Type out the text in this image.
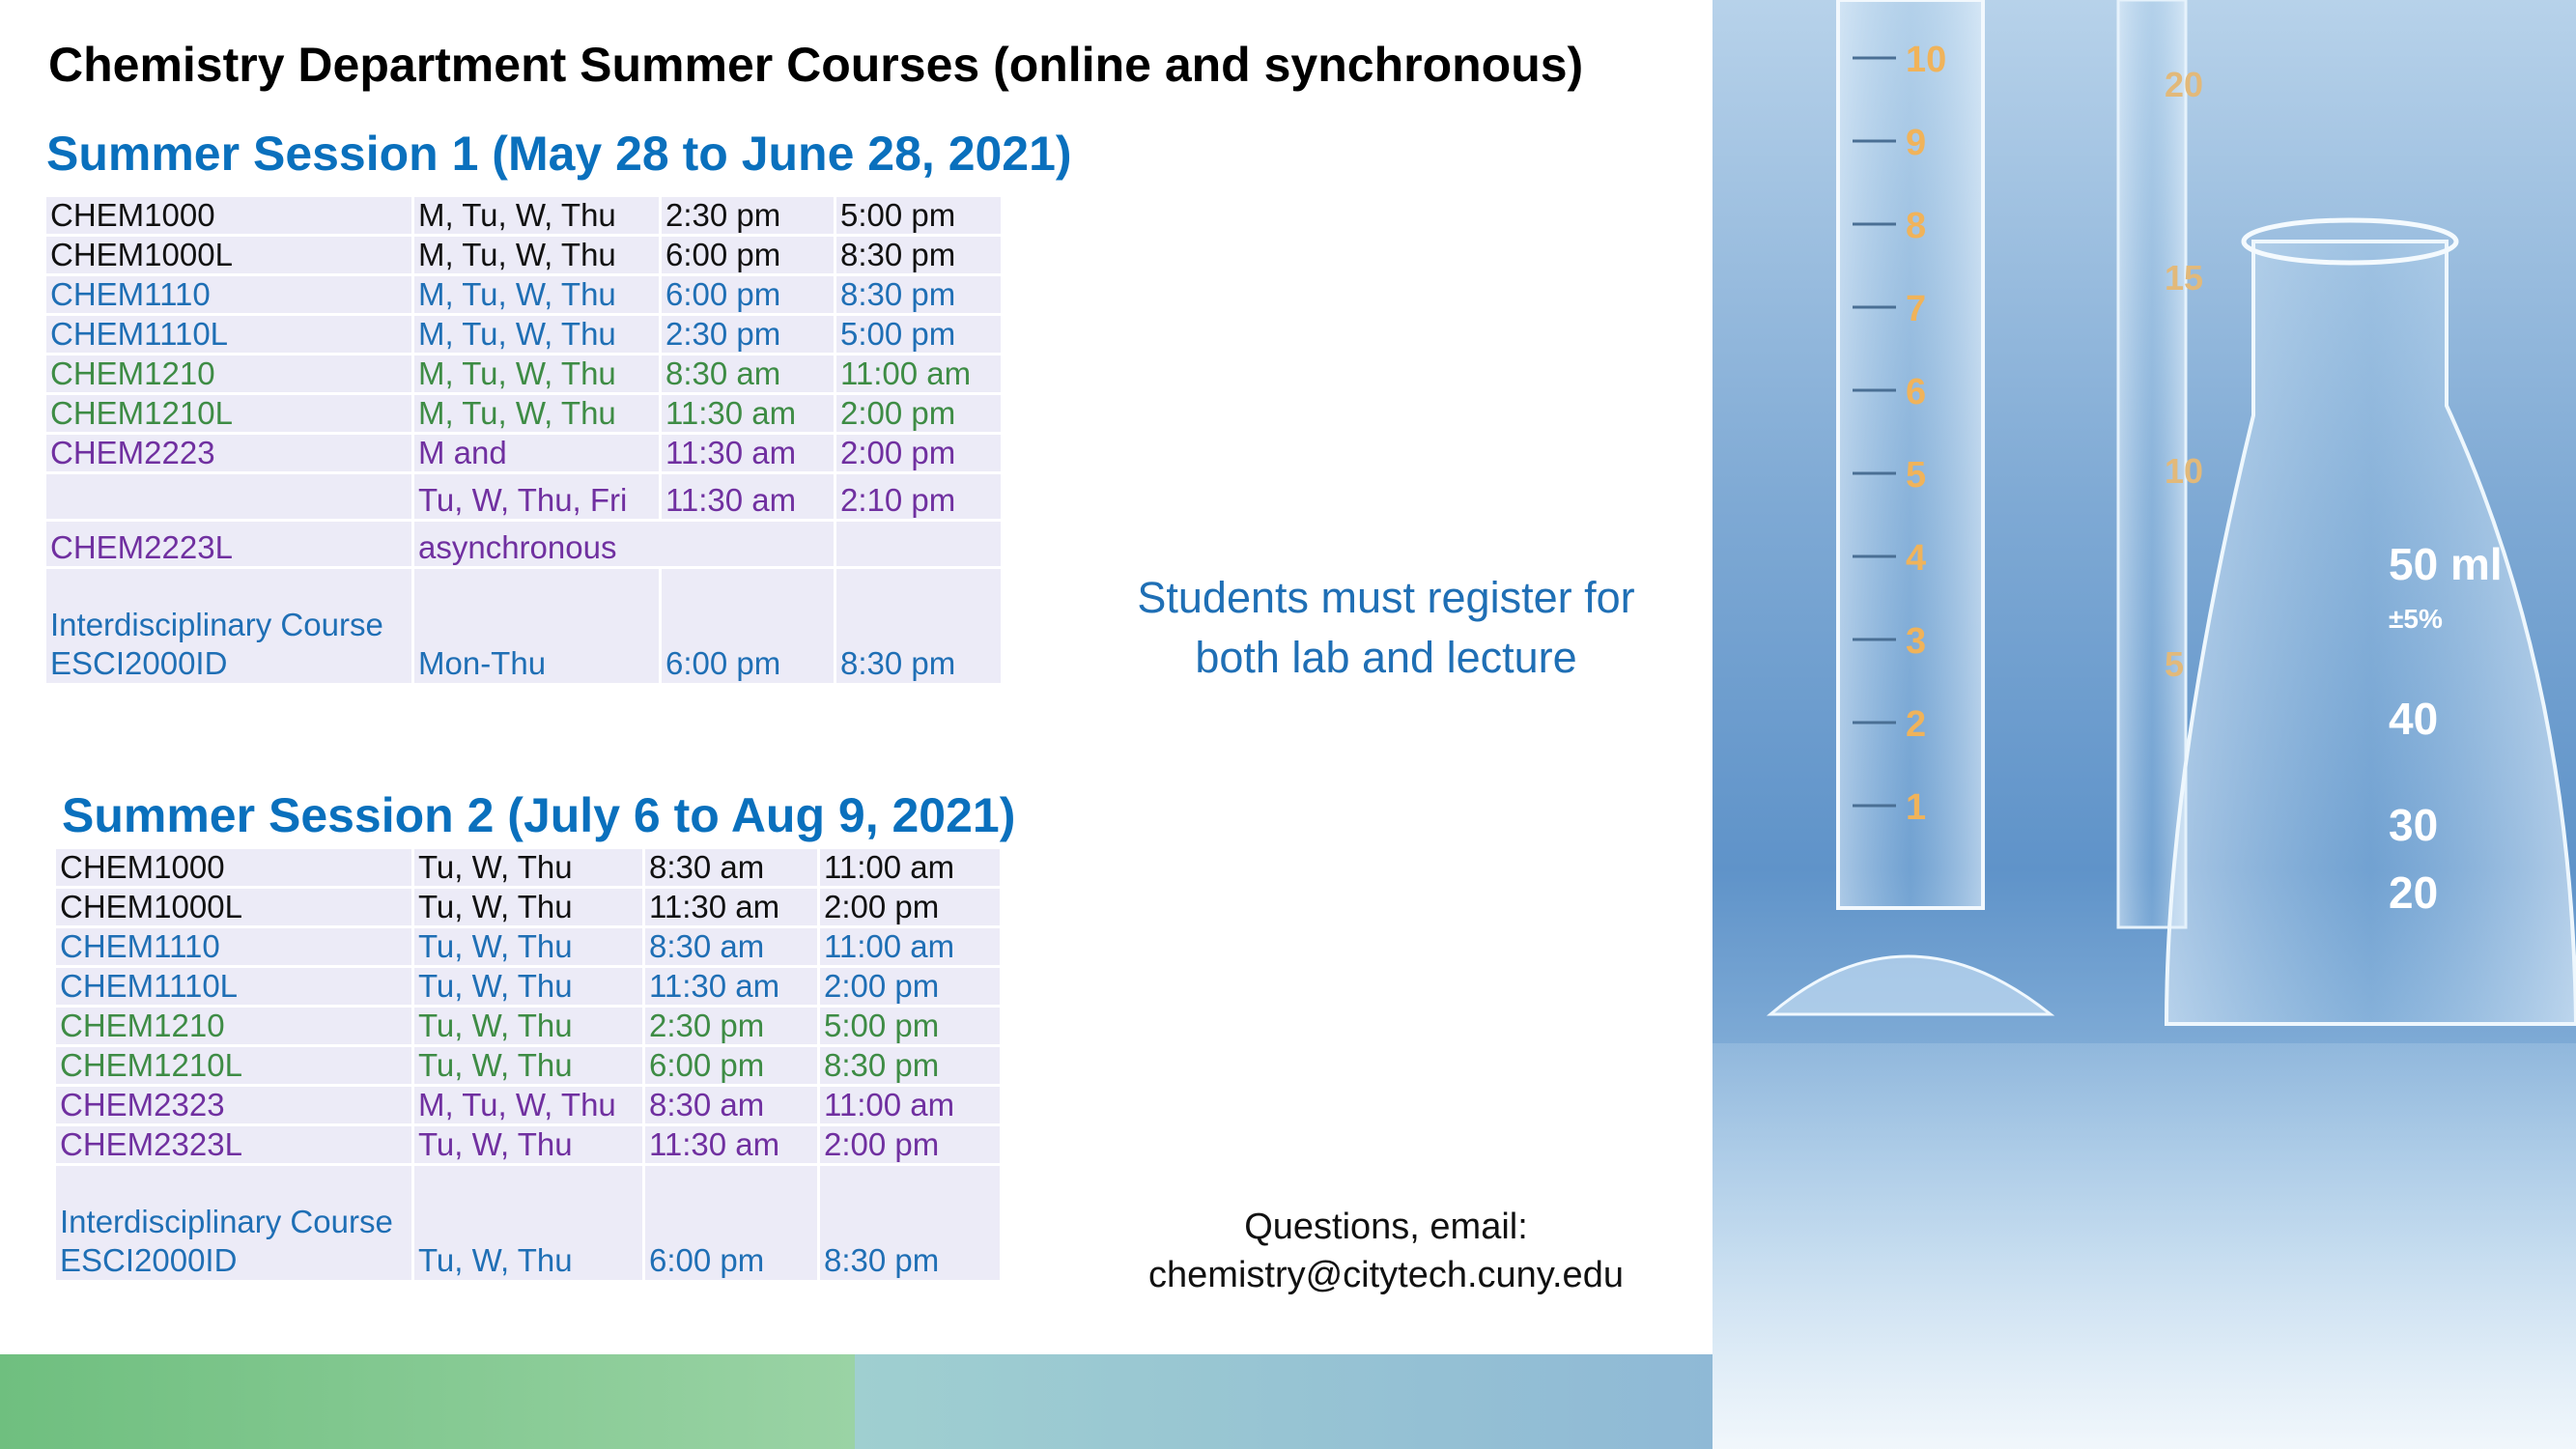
Chemistry Department Summer Courses (online and synchronous)
Summer Session 1 (May 28 to June 28, 2021)
CHEM1000	M, Tu, W, Thu	2:30 pm	5:00 pm
CHEM1000L	M, Tu, W, Thu	6:00 pm	8:30 pm
CHEM1110	M, Tu, W, Thu	6:00 pm	8:30 pm
CHEM1110L	M, Tu, W, Thu	2:30 pm	5:00 pm
CHEM1210	M, Tu, W, Thu	8:30 am	11:00 am
CHEM1210L	M, Tu, W, Thu	11:30 am	2:00 pm
CHEM2223	M and	11:30 am	2:00 pm
	Tu, W, Thu, Fri	11:30 am	2:10 pm
CHEM2223L	asynchronous		

Interdisciplinary Course
ESCI2000ID	Mon-Thu	6:00 pm	8:30 pm
Students must register for
both lab and lecture
Summer Session 2 (July 6 to Aug 9, 2021)
CHEM1000	Tu, W, Thu	8:30 am	11:00 am
CHEM1000L	Tu, W, Thu	11:30 am	2:00 pm
CHEM1110	Tu, W, Thu	8:30 am	11:00 am
CHEM1110L	Tu, W, Thu	11:30 am	2:00 pm
CHEM1210	Tu, W, Thu	2:30 pm	5:00 pm
CHEM1210L	Tu, W, Thu	6:00 pm	8:30 pm
CHEM2323	M, Tu, W, Thu	8:30 am	11:00 am
CHEM2323L	Tu, W, Thu	11:30 am	2:00 pm

Interdisciplinary Course
ESCI2000ID	Tu, W, Thu	6:00 pm	8:30 pm
Questions, email:
chemistry@citytech.cuny.edu
10
9
8
7
6
5
4
3
2
1
20
15
10
5
50 ml
±5%
40
30
20
